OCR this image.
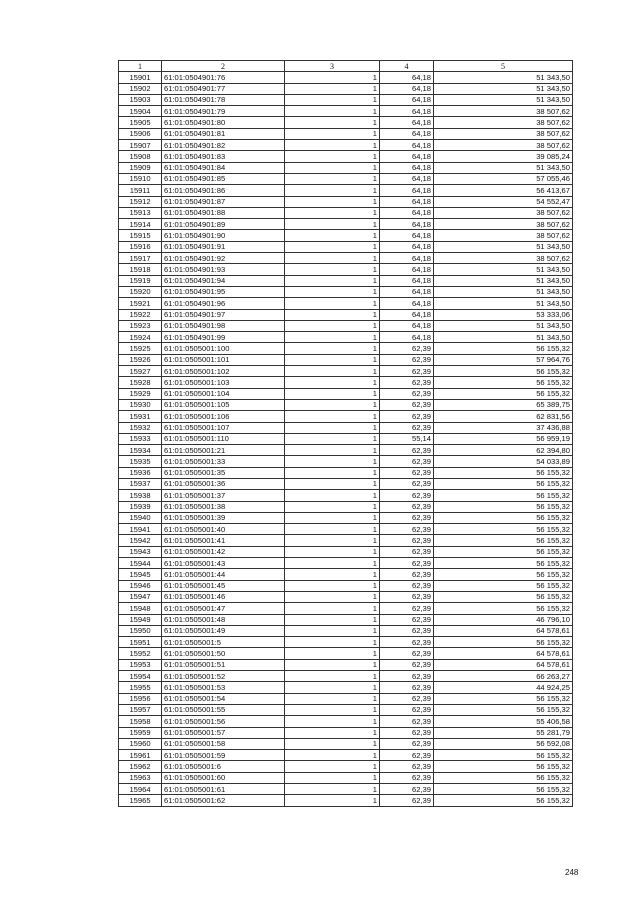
1	2	3	4	5
15901	61:01:0504901:76	1	64,18	51 343,50
15902	61:01:0504901:77	1	64,18	51 343,50
15903	61:01:0504901:78	1	64,18	51 343,50
15904	61:01:0504901:79	1	64,18	38 507,62
15905	61:01:0504901:80	1	64,18	38 507,62
15906	61:01:0504901:81	1	64,18	38 507,62
15907	61:01:0504901:82	1	64,18	38 507,62
15908	61:01:0504901:83	1	64,18	39 085,24
15909	61:01:0504901:84	1	64,18	51 343,50
15910	61:01:0504901:85	1	64,18	57 055,46
15911	61:01:0504901:86	1	64,18	56 413,67
15912	61:01:0504901:87	1	64,18	54 552,47
15913	61:01:0504901:88	1	64,18	38 507,62
15914	61:01:0504901:89	1	64,18	38 507,62
15915	61:01:0504901:90	1	64,18	38 507,62
15916	61:01:0504901:91	1	64,18	51 343,50
15917	61:01:0504901:92	1	64,18	38 507,62
15918	61:01:0504901:93	1	64,18	51 343,50
15919	61:01:0504901:94	1	64,18	51 343,50
15920	61:01:0504901:95	1	64,18	51 343,50
15921	61:01:0504901:96	1	64,18	51 343,50
15922	61:01:0504901:97	1	64,18	53 333,06
15923	61:01:0504901:98	1	64,18	51 343,50
15924	61:01:0504901:99	1	64,18	51 343,50
15925	61:01:0505001:100	1	62,39	56 155,32
15926	61:01:0505001:101	1	62,39	57 964,76
15927	61:01:0505001:102	1	62,39	56 155,32
15928	61:01:0505001:103	1	62,39	56 155,32
15929	61:01:0505001:104	1	62,39	56 155,32
15930	61:01:0505001:105	1	62,39	65 389,75
15931	61:01:0505001:106	1	62,39	62 831,56
15932	61:01:0505001:107	1	62,39	37 436,88
15933	61:01:0505001:110	1	55,14	56 959,19
15934	61:01:0505001:21	1	62,39	62 394,80
15935	61:01:0505001:33	1	62,39	54 033,89
15936	61:01:0505001:35	1	62,39	56 155,32
15937	61:01:0505001:36	1	62,39	56 155,32
15938	61:01:0505001:37	1	62,39	56 155,32
15939	61:01:0505001:38	1	62,39	56 155,32
15940	61:01:0505001:39	1	62,39	56 155,32
15941	61:01:0505001:40	1	62,39	56 155,32
15942	61:01:0505001:41	1	62,39	56 155,32
15943	61:01:0505001:42	1	62,39	56 155,32
15944	61:01:0505001:43	1	62,39	56 155,32
15945	61:01:0505001:44	1	62,39	56 155,32
15946	61:01:0505001:45	1	62,39	56 155,32
15947	61:01:0505001:46	1	62,39	56 155,32
15948	61:01:0505001:47	1	62,39	56 155,32
15949	61:01:0505001:48	1	62,39	46 796,10
15950	61:01:0505001:49	1	62,39	64 578,61
15951	61:01:0505001:5	1	62,39	56 155,32
15952	61:01:0505001:50	1	62,39	64 578,61
15953	61:01:0505001:51	1	62,39	64 578,61
15954	61:01:0505001:52	1	62,39	66 263,27
15955	61:01:0505001:53	1	62,39	44 924,25
15956	61:01:0505001:54	1	62,39	56 155,32
15957	61:01:0505001:55	1	62,39	56 155,32
15958	61:01:0505001:56	1	62,39	55 406,58
15959	61:01:0505001:57	1	62,39	55 281,79
15960	61:01:0505001:58	1	62,39	56 592,08
15961	61:01:0505001:59	1	62,39	56 155,32
15962	61:01:0505001:6	1	62,39	56 155,32
15963	61:01:0505001:60	1	62,39	56 155,32
15964	61:01:0505001:61	1	62,39	56 155,32
15965	61:01:0505001:62	1	62,39	56 155,32
248
